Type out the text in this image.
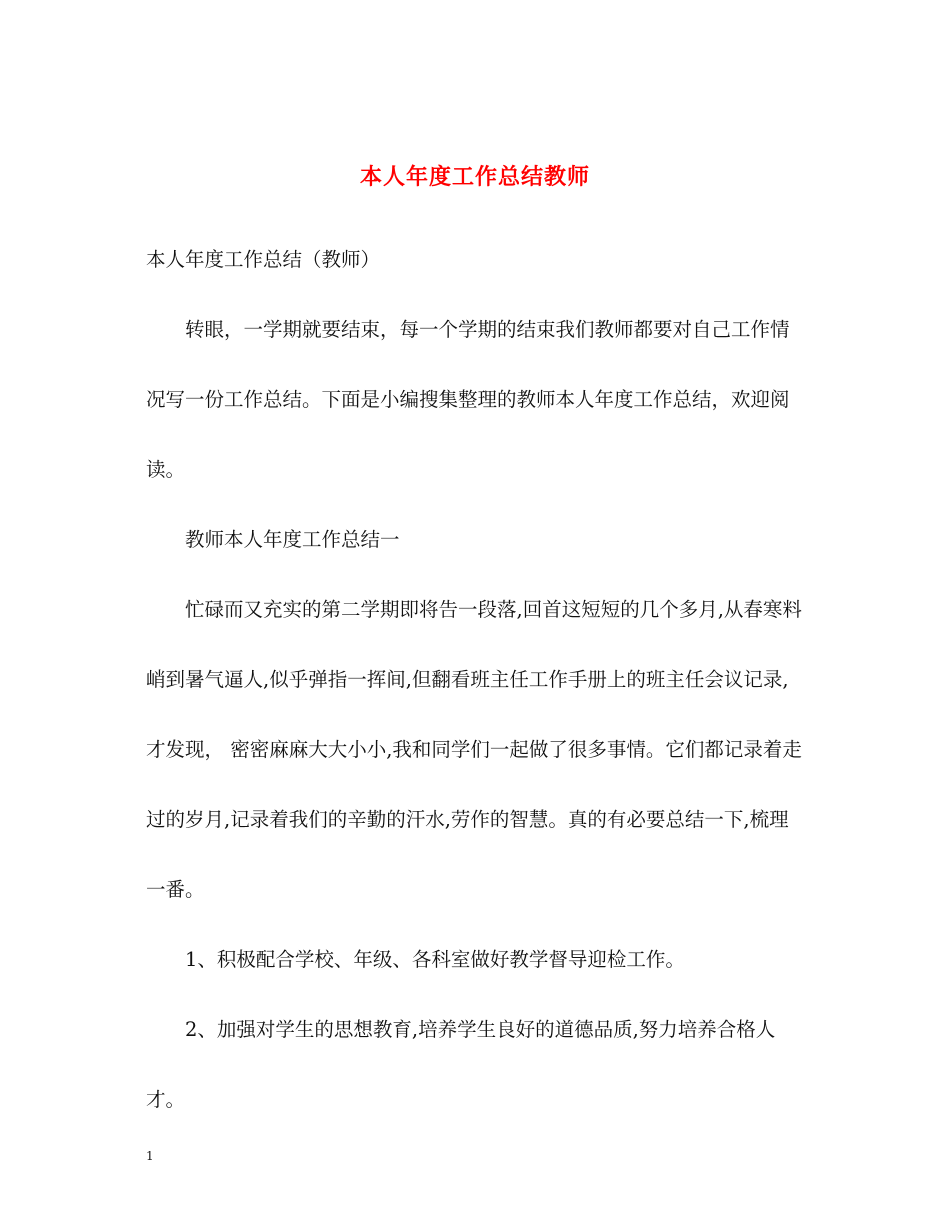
本人年度工作总结教师

本人年度工作总结（教师）

转眼，一学期就要结束，每一个学期的结束我们教师都要对自己工作情况写一份工作总结。下面是小编搜集整理的教师本人年度工作总结，欢迎阅读。

教师本人年度工作总结一

忙碌而又充实的第二学期即将告一段落,回首这短短的几个多月,从春寒料峭到暑气逼人,似乎弹指一挥间,但翻看班主任工作手册上的班主任会议记录,才发现， 密密麻麻大大小小,我和同学们一起做了很多事情。它们都记录着走过的岁月,记录着我们的辛勤的汗水,劳作的智慧。真的有必要总结一下,梳理一番。

1、积极配合学校、年级、各科室做好教学督导迎检工作。

2、加强对学生的思想教育,培养学生良好的道德品质,努力培养合格人才。

1
